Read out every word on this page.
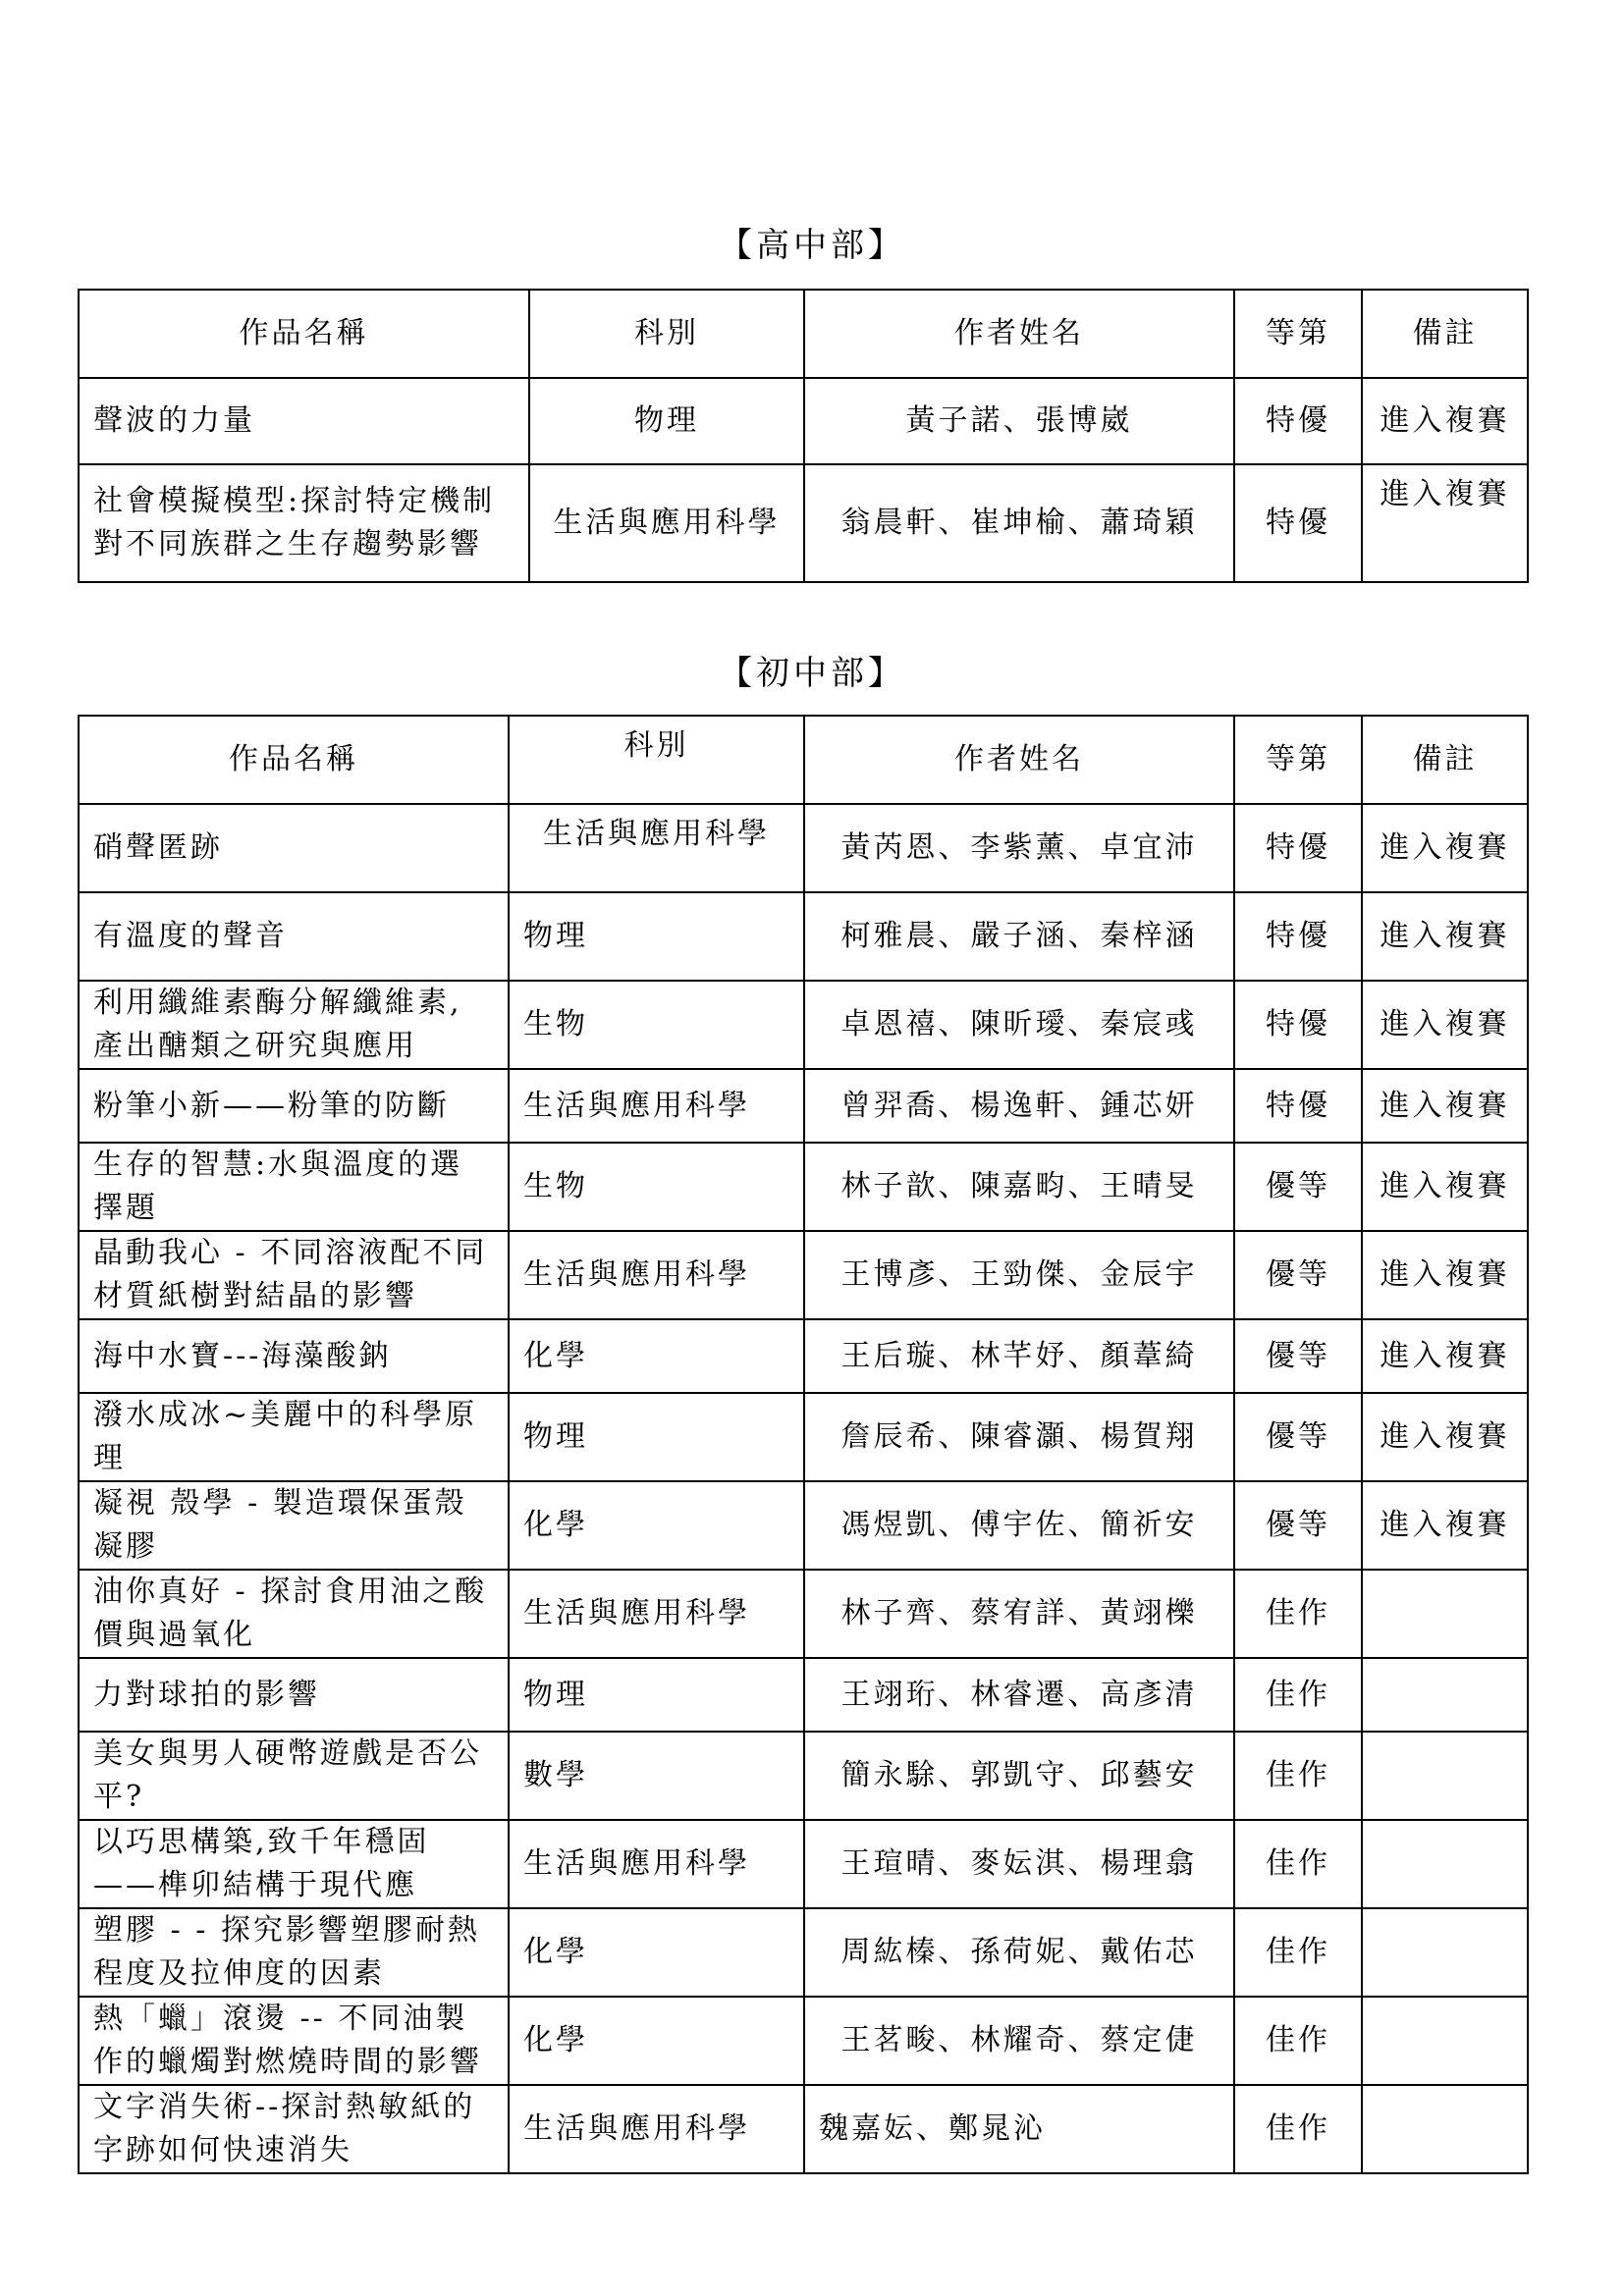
【高中部】
作品名稱	科別	作者姓名	等第	備註
聲波的力量	物理	黃子諾、張博崴	特優	進入複賽
社會模擬模型:探討特定機制對不同族群之生存趨勢影響	生活與應用科學	翁晨軒、崔坤榆、蕭琦穎	特優	進入複賽
【初中部】
作品名稱	科別	作者姓名	等第	備註
硝聲匿跡	生活與應用科學	黃芮恩、李紫薰、卓宜沛	特優	進入複賽
有溫度的聲音	物理	柯雅晨、嚴子涵、秦梓涵	特優	進入複賽
利用纖維素酶分解纖維素,產出醣類之研究與應用	生物	卓恩禧、陳昕璦、秦宸彧	特優	進入複賽
粉筆小新——粉筆的防斷	生活與應用科學	曾羿喬、楊逸軒、鍾芯妍	特優	進入複賽
生存的智慧:水與溫度的選擇題	生物	林子歆、陳嘉畇、王晴旻	優等	進入複賽
晶動我心 - 不同溶液配不同材質紙樹對結晶的影響	生活與應用科學	王博彥、王勁傑、金辰宇	優等	進入複賽
海中水寶---海藻酸鈉	化學	王后璇、林芊妤、顏葦綺	優等	進入複賽
潑水成冰~美麗中的科學原理	物理	詹辰希、陳睿灝、楊賀翔	優等	進入複賽
凝視 殼學 - 製造環保蛋殼凝膠	化學	馮煜凱、傅宇佐、簡祈安	優等	進入複賽
油你真好 - 探討食用油之酸價與過氧化	生活與應用科學	林子齊、蔡宥詳、黃翊櫟	佳作	
力對球拍的影響	物理	王翊珩、林睿遷、高彥清	佳作	
美女與男人硬幣遊戲是否公平?	數學	簡永駼、郭凱守、邱藝安	佳作	
以巧思構築,致千年穩固——榫卯結構于現代應	生活與應用科學	王瑄晴、麥妘淇、楊理翕	佳作	
塑膠 - - 探究影響塑膠耐熱程度及拉伸度的因素	化學	周紘榛、孫荷妮、戴佑芯	佳作	
熱「蠟」滾燙 -- 不同油製作的蠟燭對燃燒時間的影響	化學	王茗畯、林耀奇、蔡定倢	佳作	
文字消失術--探討熱敏紙的字跡如何快速消失	生活與應用科學	魏嘉妘、鄭晁沁	佳作	
